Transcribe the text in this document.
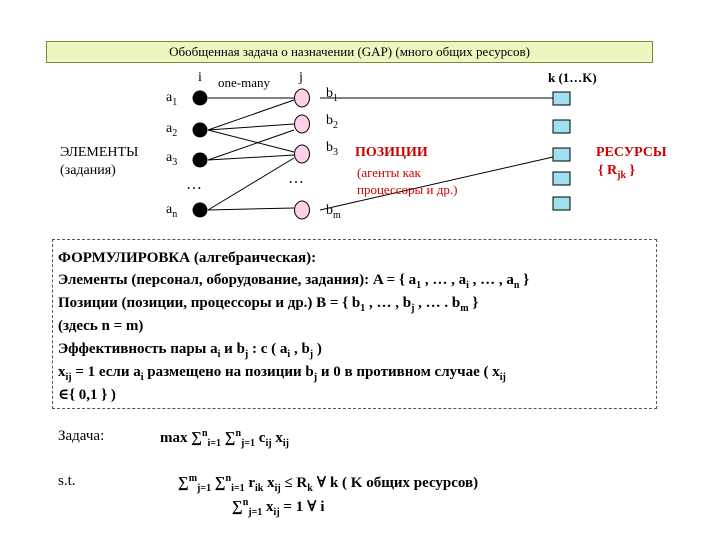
Обобщенная задача о назначении (GAP) (много общих ресурсов)
i one-many j	k (1…K)
$a_1$
$a_2$
$a_3$
$a_n$
…
ЭЛЕМЕНТЫ
(задания)
$b_1$
$b_2$
$b_3$
$b_m$
…
ПОЗИЦИИ
(агенты как
процессоры и др.)
РЕСУРСЫ
{ $R_{jk}$ }
ФОРМУЛИРОВКА (алгебраическая):
Элементы (персонал, оборудование, задания): A = { $a_1$ , … , $a_i$ , … , $a_n$ }
Позиции (позиции, процессоры и др.) B = { $b_1$ , … , $b_j$ , … . $b_m$ }
(здесь n = m)
Эффективность пары $a_i$ и $b_j$ : c ( $a_i$ , $b_j$ )
$x_{ij} = 1$ если $a_i$ размещено на позиции $b_j$ и 0 в противном случае ( $x_{ij}$
∈{ 0,1 } )
Задача:	max ∑$^n_{i=1}$ ∑$^n_{j=1}$ $c_{ij}$ $x_{ij}$
s.t.	∑$^m_{j=1}$ ∑$^n_{i=1}$ $r_{ik}$ $x_{ij} \le R_k$ ∀ k ( K общих ресурсов)
∑$^n_{j=1}$ $x_{ij} = 1$ ∀ i
